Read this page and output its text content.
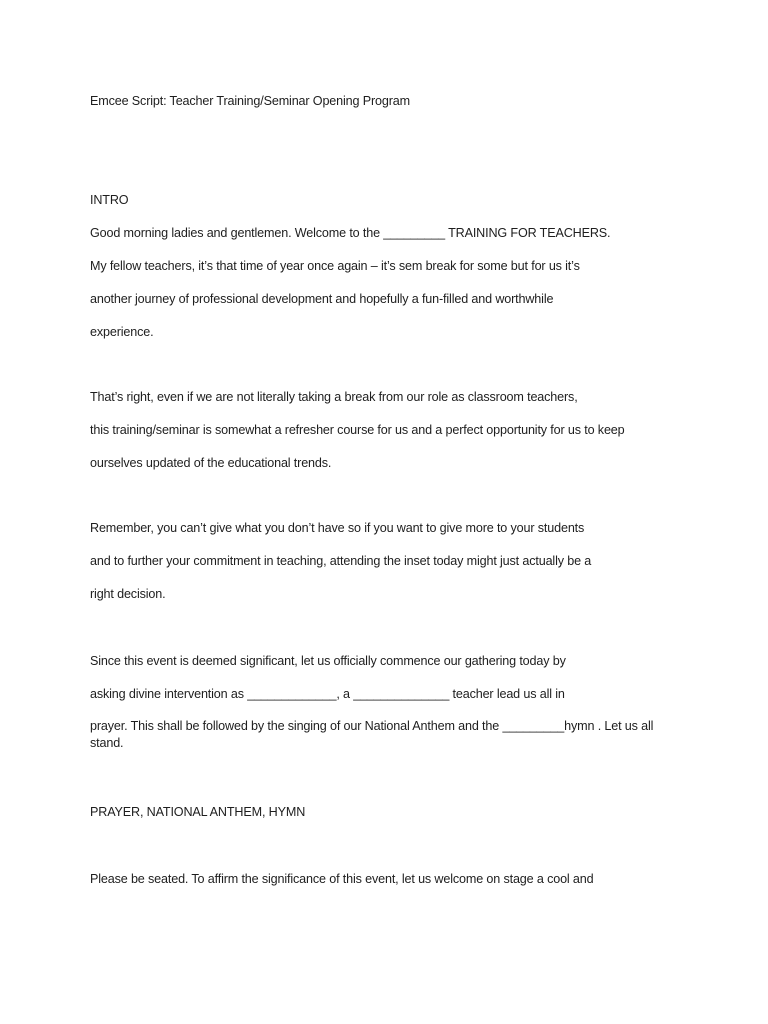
Emcee Script: Teacher Training/Seminar Opening Program
INTRO
Good morning ladies and gentlemen. Welcome to the _________ TRAINING FOR TEACHERS.
My fellow teachers, it’s that time of year once again – it’s sem break for some but for us it’s
another journey of professional development and hopefully a fun-filled and worthwhile
experience.
That’s right, even if we are not literally taking a break from our role as classroom teachers,
this training/seminar is somewhat a refresher course for us and a perfect opportunity for us to keep
ourselves updated of the educational trends.
Remember, you can’t give what you don’t have so if you want to give more to your students
and to further your commitment in teaching, attending the inset today might just actually be a
right decision.
Since this event is deemed significant, let us officially commence our gathering today by
asking divine intervention as _____________, a ______________ teacher lead us all in
prayer. This shall be followed by the singing of our National Anthem and the _________hymn . Let us all stand.
PRAYER, NATIONAL ANTHEM, HYMN
Please be seated. To affirm the significance of this event, let us welcome on stage a cool and
